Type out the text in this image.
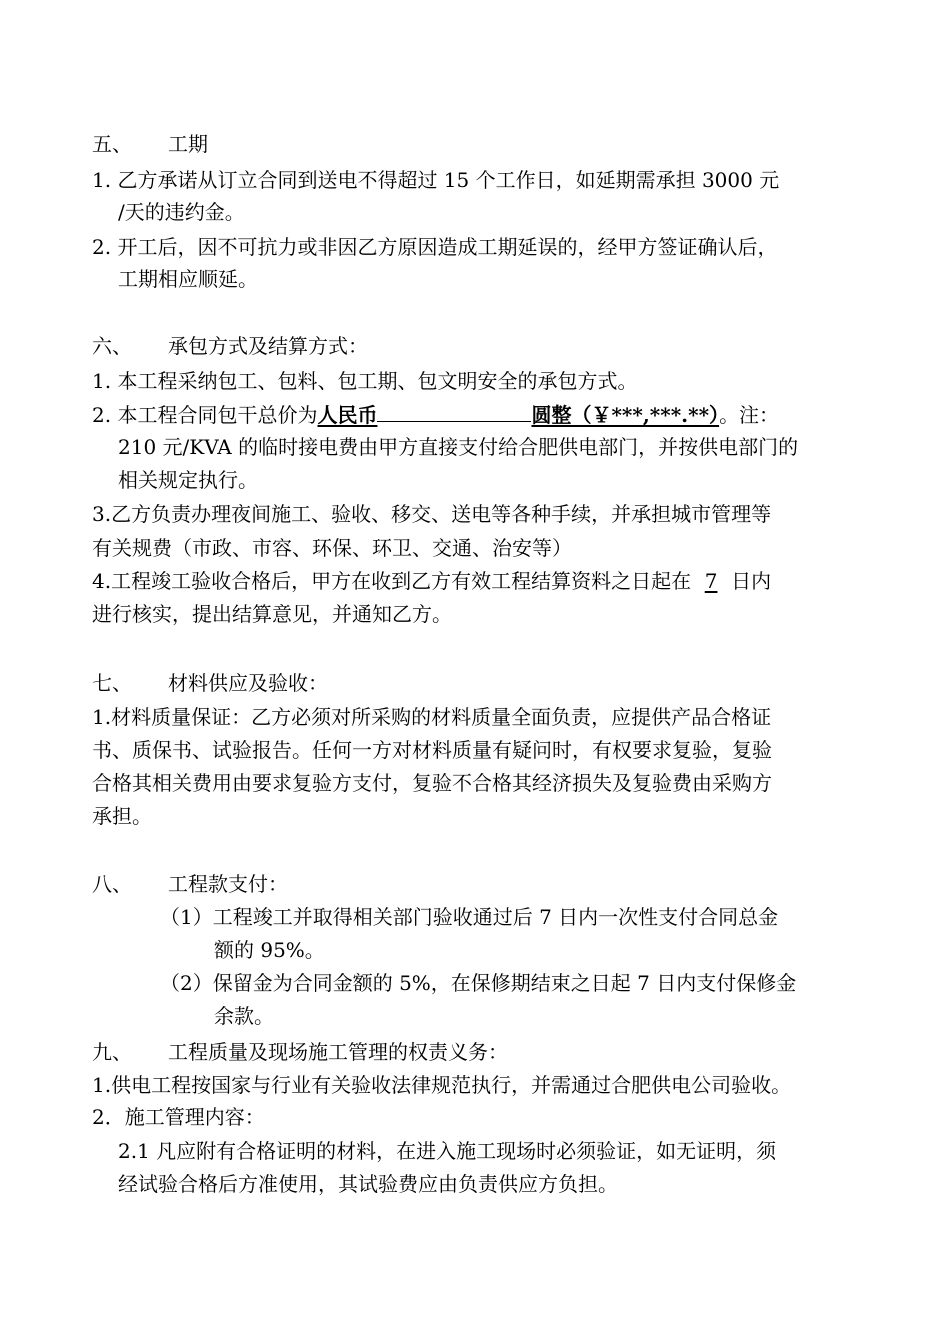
五、 工期
1. 乙方承诺从订立合同到送电不得超过 15 个工作日，如延期需承担 3000 元
/天的违约金。
2. 开工后，因不可抗力或非因乙方原因造成工期延误的，经甲方签证确认后，
工期相应顺延。
六、 承包方式及结算方式：
1. 本工程采纳包工、包料、包工期、包文明安全的承包方式。
2. 本工程合同包干总价为人民币	圆整（￥***,***.**）。注：
210 元/KVA 的临时接电费由甲方直接支付给合肥供电部门，并按供电部门的
相关规定执行。
3.乙方负责办理夜间施工、验收、移交、送电等各种手续，并承担城市管理等
有关规费（市政、市容、环保、环卫、交通、治安等）
4.工程竣工验收合格后，甲方在收到乙方有效工程结算资料之日起在7日内
进行核实，提出结算意见，并通知乙方。
七、 材料供应及验收：
1.材料质量保证：乙方必须对所采购的材料质量全面负责，应提供产品合格证
书、质保书、试验报告。任何一方对材料质量有疑问时，有权要求复验，复验
合格其相关费用由要求复验方支付，复验不合格其经济损失及复验费由采购方
承担。
八、 工程款支付：
（1）工程竣工并取得相关部门验收通过后 7 日内一次性支付合同总金
额的 95%。
（2）保留金为合同金额的 5%，在保修期结束之日起 7 日内支付保修金
余款。
九、 工程质量及现场施工管理的权责义务：
1.供电工程按国家与行业有关验收法律规范执行，并需通过合肥供电公司验收。
2．施工管理内容：
2.1 凡应附有合格证明的材料，在进入施工现场时必须验证，如无证明，须
经试验合格后方准使用，其试验费应由负责供应方负担。
